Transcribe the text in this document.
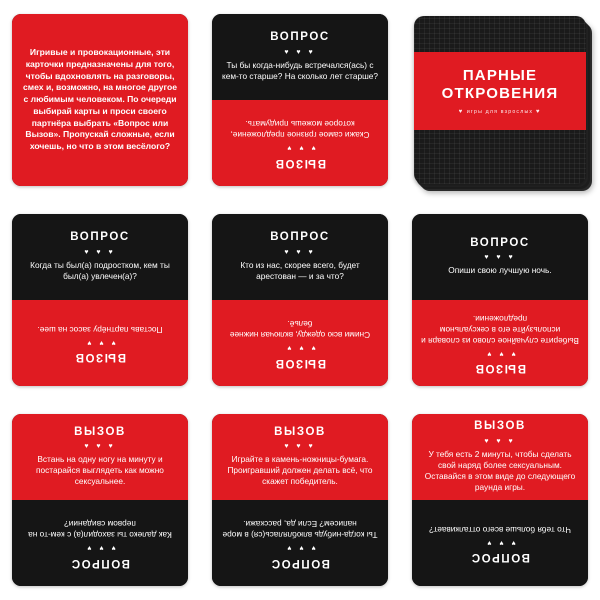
Игривые и провокационные, эти карточки предназначены для того, чтобы вдохновлять на разговоры, смех и, возможно, на многое другое с любимым человеком. По очереди выбирай карты и проси своего партнёра выбрать «Вопрос или Вызов». Пропускай сложные, если хочешь, но что в этом весёлого?
ВОПРОС
♥ ♥ ♥
Ты бы когда-нибудь встречался(ась) с кем-то старше? На сколько лет старше?
ВЫЗОВ
♥ ♥ ♥
Скажи самое грязное предложение, которое можешь придумать.
ПАРНЫЕ
ОТКРОВЕНИЯ
♥ игры для взрослых ♥
ВОПРОС
♥ ♥ ♥
Когда ты был(а) подростком, кем ты был(а) увлечен(а)?
ВЫЗОВ
♥ ♥ ♥
Поставь партнёру засос на шее.
ВОПРОС
♥ ♥ ♥
Кто из нас, скорее всего, будет арестован — и за что?
ВЫЗОВ
♥ ♥ ♥
Сними всю одежду, включая нижнее бельё.
ВОПРОС
♥ ♥ ♥
Опиши свою лучшую ночь.
ВЫЗОВ
♥ ♥ ♥
Выберите случайное слово из словаря и используйте его в сексуальном предложении.
ВЫЗОВ
♥ ♥ ♥
Встань на одну ногу на минуту и постарайся выглядеть как можно сексуальнее.
ВОПРОС
♥ ♥ ♥
Как далеко ты заходил(а) с кем-то на первом свидании?
ВЫЗОВ
♥ ♥ ♥
Играйте в камень-ножницы-бумага. Проигравший должен делать всё, что скажет победитель.
ВОПРОС
♥ ♥ ♥
Ты когда-нибудь влюблялась(ся) в море написем? Если да, расскажи.
ВЫЗОВ
♥ ♥ ♥
У тебя есть 2 минуты, чтобы сделать свой наряд более сексуальным. Оставайся в этом виде до следующего раунда игры.
ВОПРОС
♥ ♥ ♥
Что тебя больше всего отталкивает?
